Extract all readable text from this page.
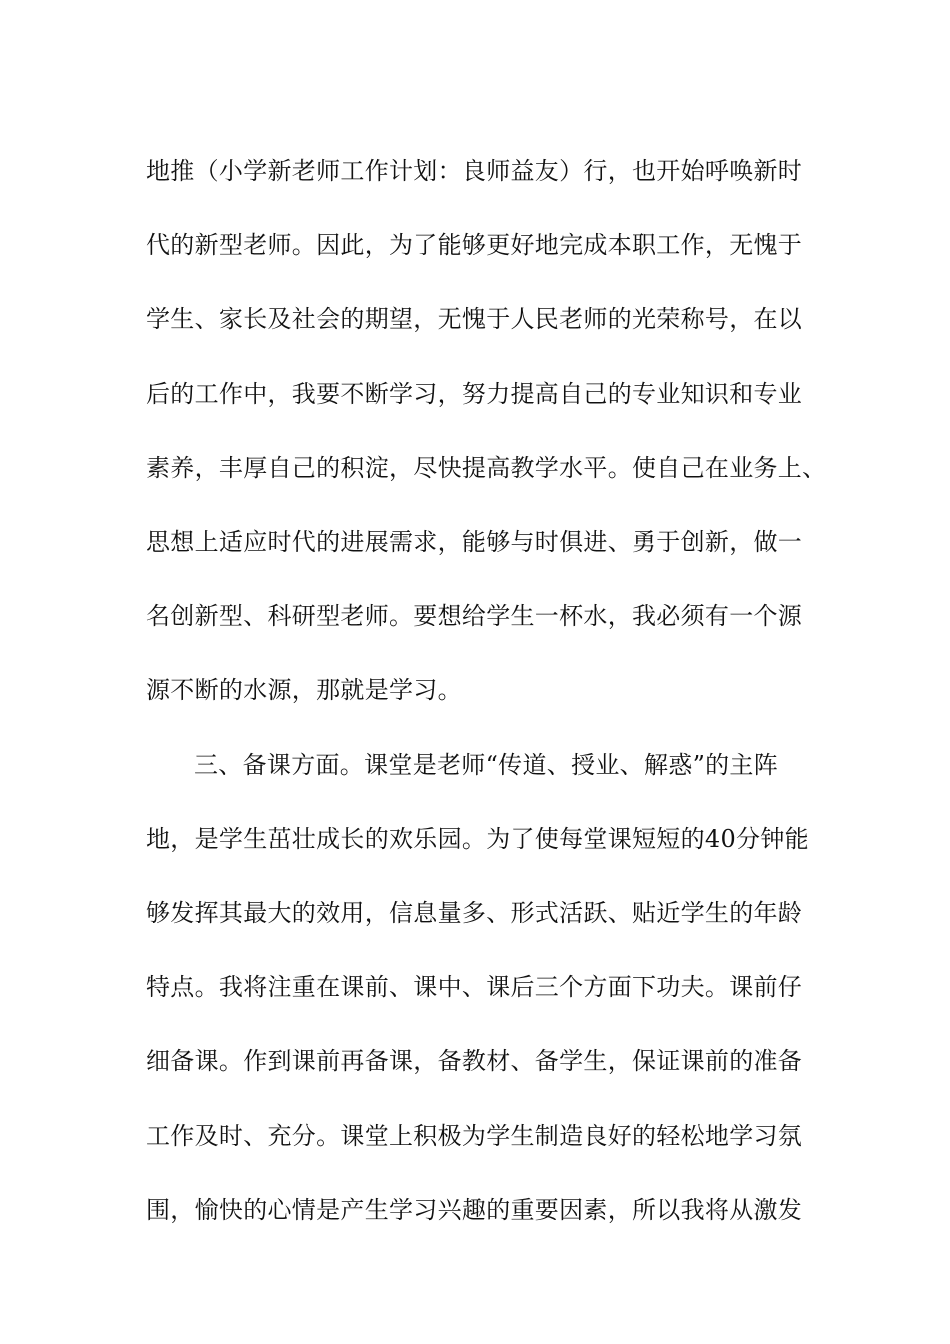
地推（小学新老师工作计划：良师益友）行，也开始呼唤新时
代的新型老师。因此，为了能够更好地完成本职工作，无愧于
学生、家长及社会的期望，无愧于人民老师的光荣称号，在以
后的工作中，我要不断学习，努力提高自己的专业知识和专业
素养，丰厚自己的积淀，尽快提高教学水平。使自己在业务上、
思想上适应时代的进展需求，能够与时俱进、勇于创新，做一
名创新型、科研型老师。要想给学生一杯水，我必须有一个源
源不断的水源，那就是学习。
三、备课方面。课堂是老师“传道、授业、解惑”的主阵
地，是学生茁壮成长的欢乐园。为了使每堂课短短的40分钟能
够发挥其最大的效用，信息量多、形式活跃、贴近学生的年龄
特点。我将注重在课前、课中、课后三个方面下功夫。课前仔
细备课。作到课前再备课，备教材、备学生，保证课前的准备
工作及时、充分。课堂上积极为学生制造良好的轻松地学习氛
围，愉快的心情是产生学习兴趣的重要因素，所以我将从激发
